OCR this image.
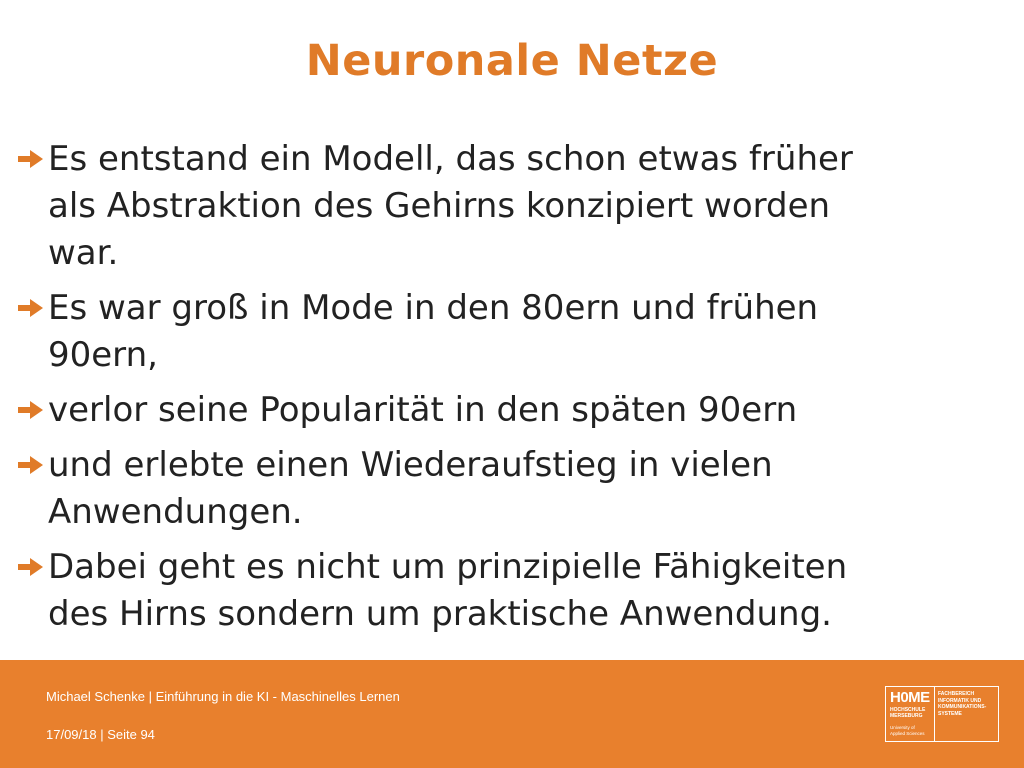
Neuronale Netze
Es entstand ein Modell, das schon etwas früher
als Abstraktion des Gehirns konzipiert worden
war.
Es war groß in Mode in den 80ern und frühen
90ern,
verlor seine Popularität in den späten 90ern
und erlebte einen Wiederaufstieg in vielen
Anwendungen.
Dabei geht es nicht um prinzipielle Fähigkeiten
des Hirns sondern um praktische Anwendung.
Michael Schenke | Einführung in die KI - Maschinelles Lernen
17/09/18 | Seite 94
H0ME
HOCHSCHULE
MERSEBURG
University of
Applied Sciences
FACHBEREICH
INFORMATIK UND
KOMMUNIKATIONS-
SYSTEME
